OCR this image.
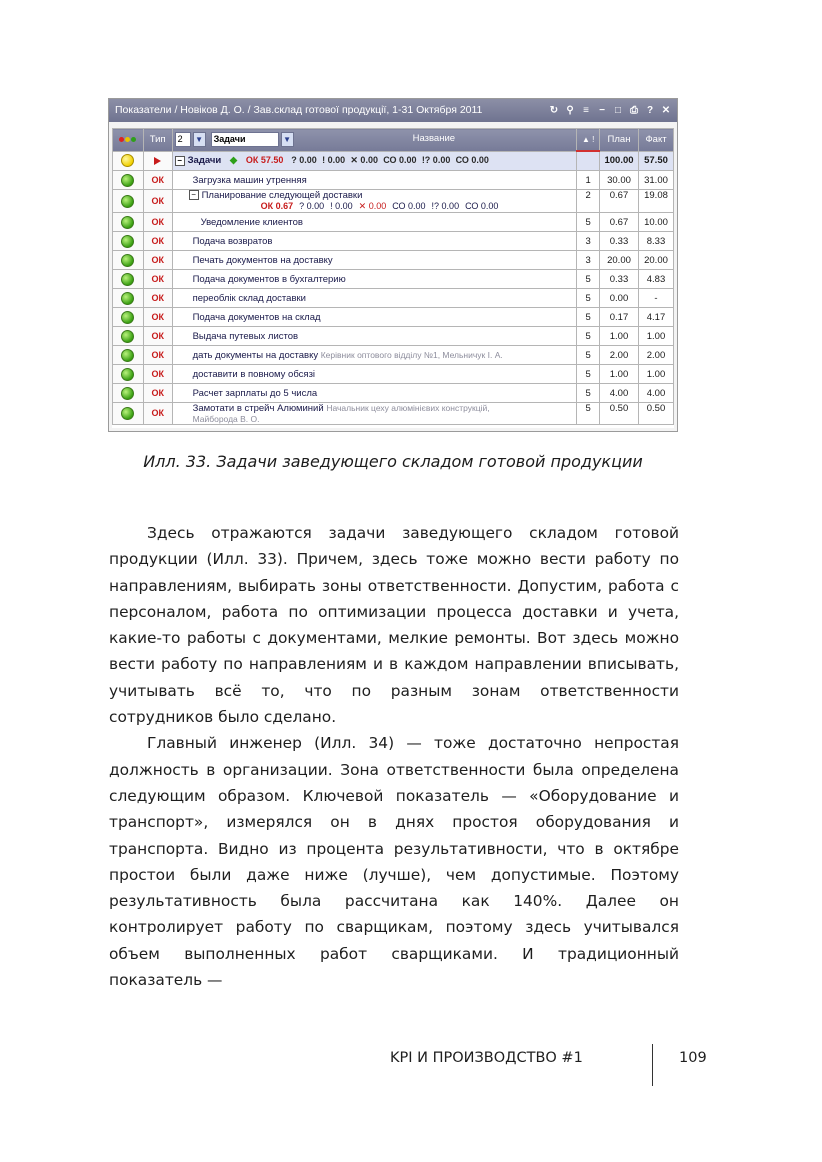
Показатели / Новіков Д. О. / Зав.склад готової продукції, 1-31 Октября 2011	↻ ⚲ ≡ − □ ⎙ ? ✕
	Тип	2 ▼ Задачи ▼ Название	▲ !	План	Факт
		− Задачи ◆ ОК 57.50 ? 0.00 ! 0.00 ✕ 0.00 СО 0.00 !? 0.00 СО 0.00		100.00	57.50
	ОК	Загрузка машин утренняя	1	30.00	31.00
	ОК	− Планирование следующей доставки
ОК 0.67 ? 0.00 ! 0.00 ✕ 0.00 СО 0.00 !? 0.00 СО 0.00	2	0.67	19.08
	ОК	Уведомление клиентов	5	0.67	10.00
	ОК	Подача возвратов	3	0.33	8.33
	ОК	Печать документов на доставку	3	20.00	20.00
	ОК	Подача документов в бухгалтерию	5	0.33	4.83
	ОК	переоблік склад доставки	5	0.00	-
	ОК	Подача документов на склад	5	0.17	4.17
	ОК	Выдача путевых листов	5	1.00	1.00
	ОК	дать документы на доставку Керівник оптового відділу №1, Мельничук І. А.	5	2.00	2.00
	ОК	доставити в повному обсязі	5	1.00	1.00
	ОК	Расчет зарплаты до 5 числа	5	4.00	4.00
	ОК	Замотати в стрейч Алюминий Начальник цеху алюмінієвих конструкцій,
Майборода В. О.	5	0.50	0.50
Илл. 33. Задачи заведующего складом готовой продукции

Здесь отражаются задачи заведующего складом готовой продукции (Илл. 33). Причем, здесь тоже можно вести работу по направлениям, выбирать зоны ответственности. Допустим, работа с персоналом, работа по оптимизации процесса доставки и учета, какие-то работы с документами, мелкие ремонты. Вот здесь можно вести работу по направлениям и в каждом направлении вписывать, учитывать всё то, что по разным зонам ответственности сотрудников было сделано.

Главный инженер (Илл. 34) — тоже достаточно непростая должность в организации. Зона ответственности была определена следующим образом. Ключевой показатель — «Оборудование и транспорт», измерялся он в днях простоя оборудования и транспорта. Видно из процента результативности, что в октябре простои были даже ниже (лучше), чем допустимые. Поэтому результативность была рассчитана как 140%. Далее он контролирует работу по сварщикам, поэтому здесь учитывался объем выполненных работ сварщиками. И традиционный показатель —

KPI И ПРОИЗВОДСТВО #1	109
